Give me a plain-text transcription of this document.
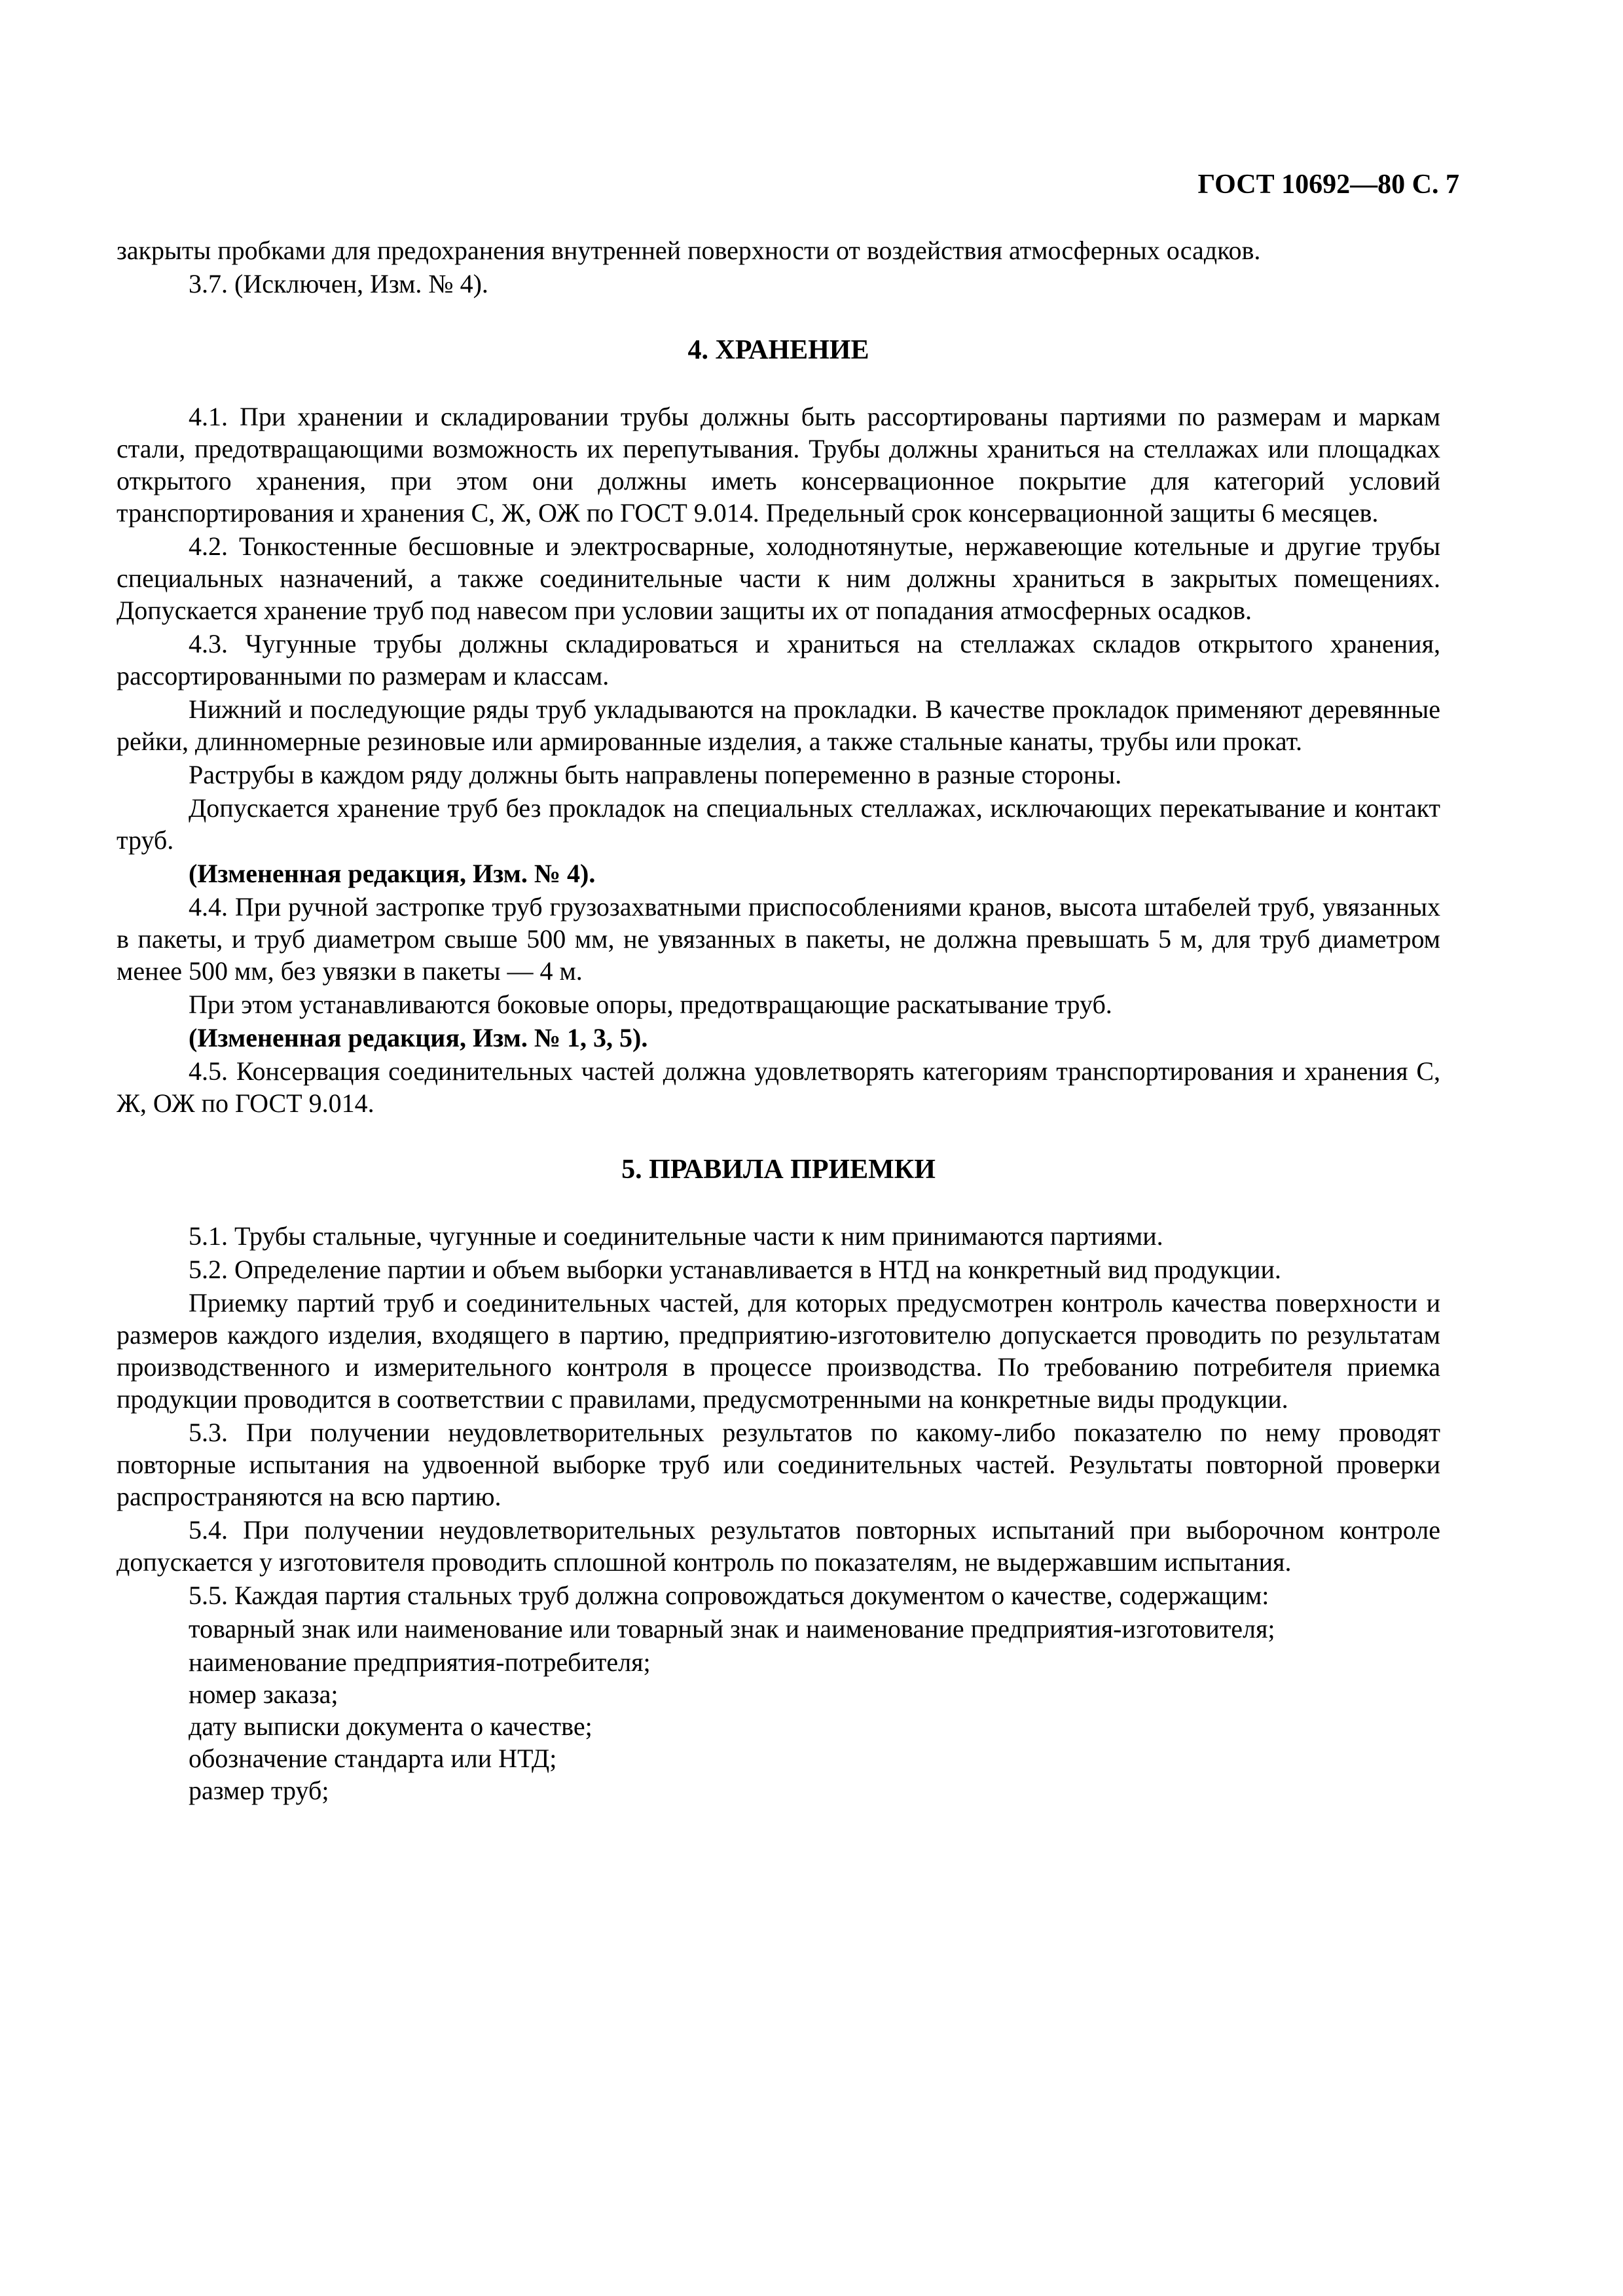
ГОСТ 10692—80 С. 7

закрыты пробками для предохранения внутренней поверхности от воздействия атмосферных осадков.

3.7. (Исключен, Изм. № 4).

4. ХРАНЕНИЕ

4.1. При хранении и складировании трубы должны быть рассортированы партиями по размерам и маркам стали, предотвращающими возможность их перепутывания. Трубы должны храниться на стеллажах или площадках открытого хранения, при этом они должны иметь консервационное покрытие для категорий условий транспортирования и хранения С, Ж, ОЖ по ГОСТ 9.014. Предельный срок консервационной защиты 6 месяцев.

4.2. Тонкостенные бесшовные и электросварные, холоднотянутые, нержавеющие котельные и другие трубы специальных назначений, а также соединительные части к ним должны храниться в закрытых помещениях. Допускается хранение труб под навесом при условии защиты их от попадания атмосферных осадков.

4.3. Чугунные трубы должны складироваться и храниться на стеллажах складов открытого хранения, рассортированными по размерам и классам.

Нижний и последующие ряды труб укладываются на прокладки. В качестве прокладок применяют деревянные рейки, длинномерные резиновые или армированные изделия, а также стальные канаты, трубы или прокат.

Раструбы в каждом ряду должны быть направлены попеременно в разные стороны.

Допускается хранение труб без прокладок на специальных стеллажах, исключающих перекатывание и контакт труб.

(Измененная редакция, Изм. № 4).

4.4. При ручной застропке труб грузозахватными приспособлениями кранов, высота штабелей труб, увязанных в пакеты, и труб диаметром свыше 500 мм, не увязанных в пакеты, не должна превышать 5 м, для труб диаметром менее 500 мм, без увязки в пакеты — 4 м.

При этом устанавливаются боковые опоры, предотвращающие раскатывание труб.

(Измененная редакция, Изм. № 1, 3, 5).

4.5. Консервация соединительных частей должна удовлетворять категориям транспортирования и хранения С, Ж, ОЖ по ГОСТ 9.014.

5. ПРАВИЛА ПРИЕМКИ

5.1. Трубы стальные, чугунные и соединительные части к ним принимаются партиями.

5.2. Определение партии и объем выборки устанавливается в НТД на конкретный вид продукции.

Приемку партий труб и соединительных частей, для которых предусмотрен контроль качества поверхности и размеров каждого изделия, входящего в партию, предприятию-изготовителю допускается проводить по результатам производственного и измерительного контроля в процессе производства. По требованию потребителя приемка продукции проводится в соответствии с правилами, предусмотренными на конкретные виды продукции.

5.3. При получении неудовлетворительных результатов по какому-либо показателю по нему проводят повторные испытания на удвоенной выборке труб или соединительных частей. Результаты повторной проверки распространяются на всю партию.

5.4. При получении неудовлетворительных результатов повторных испытаний при выборочном контроле допускается у изготовителя проводить сплошной контроль по показателям, не выдержавшим испытания.

5.5. Каждая партия стальных труб должна сопровождаться документом о качестве, содержащим:

товарный знак или наименование или товарный знак и наименование предприятия-изготовителя;

наименование предприятия-потребителя;
номер заказа;
дату выписки документа о качестве;
обозначение стандарта или НТД;
размер труб;
